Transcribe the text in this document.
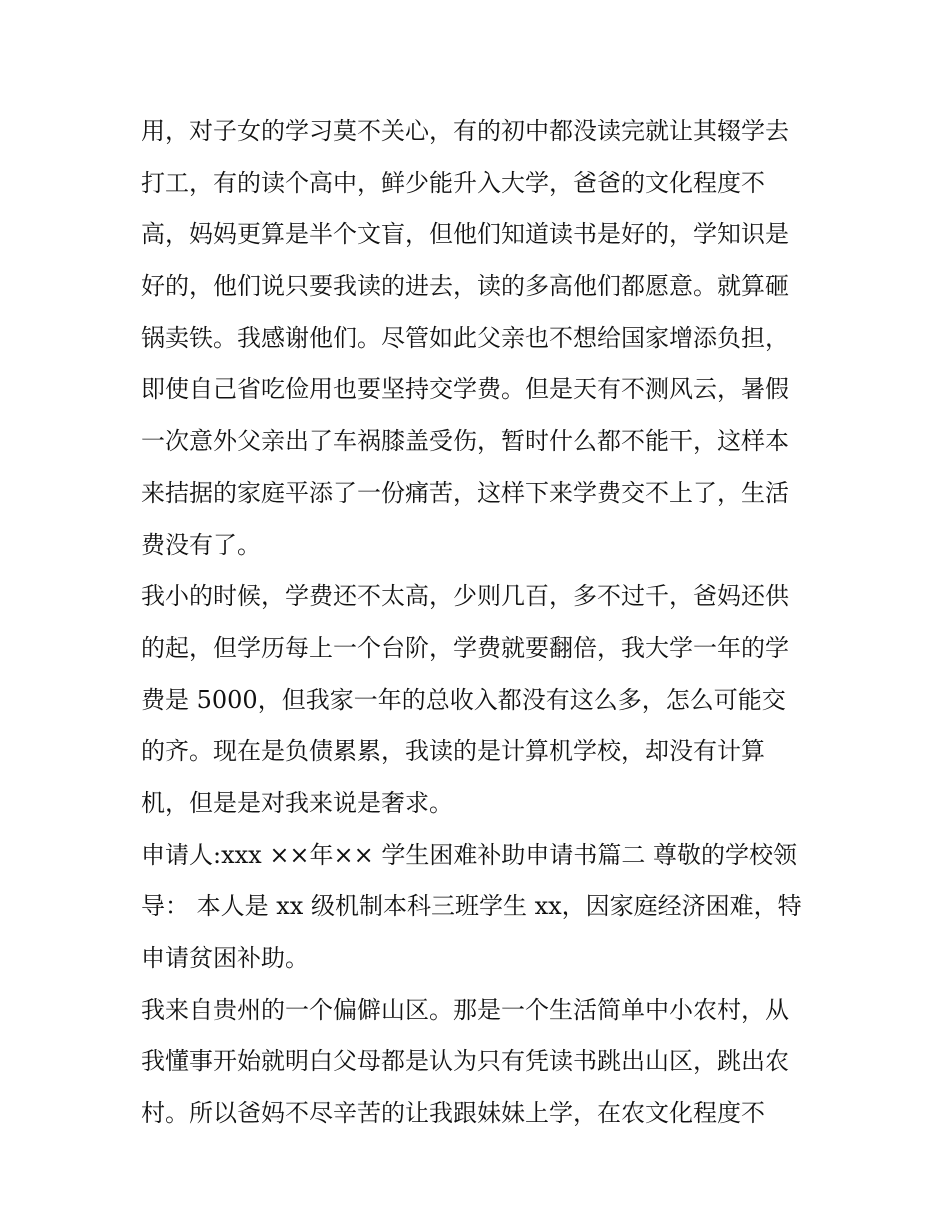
用，对子女的学习莫不关心，有的初中都没读完就让其辍学去
打工，有的读个高中，鲜少能升入大学，爸爸的文化程度不
高，妈妈更算是半个文盲，但他们知道读书是好的，学知识是
好的，他们说只要我读的进去，读的多高他们都愿意。就算砸
锅卖铁。我感谢他们。尽管如此父亲也不想给国家增添负担，
即使自己省吃俭用也要坚持交学费。但是天有不测风云，暑假
一次意外父亲出了车祸膝盖受伤，暂时什么都不能干，这样本
来拮据的家庭平添了一份痛苦，这样下来学费交不上了，生活
费没有了。
我小的时候，学费还不太高，少则几百，多不过千，爸妈还供
的起，但学历每上一个台阶，学费就要翻倍，我大学一年的学
费是 5000，但我家一年的总收入都没有这么多，怎么可能交
的齐。现在是负债累累，我读的是计算机学校，却没有计算
机，但是是对我来说是奢求。
申请人:xxx ××年×× 学生困难补助申请书篇二 尊敬的学校领
导： 本人是 xx 级机制本科三班学生 xx，因家庭经济困难，特
申请贫困补助。
我来自贵州的一个偏僻山区。那是一个生活简单中小农村，从
我懂事开始就明白父母都是认为只有凭读书跳出山区，跳出农
村。所以爸妈不尽辛苦的让我跟妹妹上学，在农文化程度不
